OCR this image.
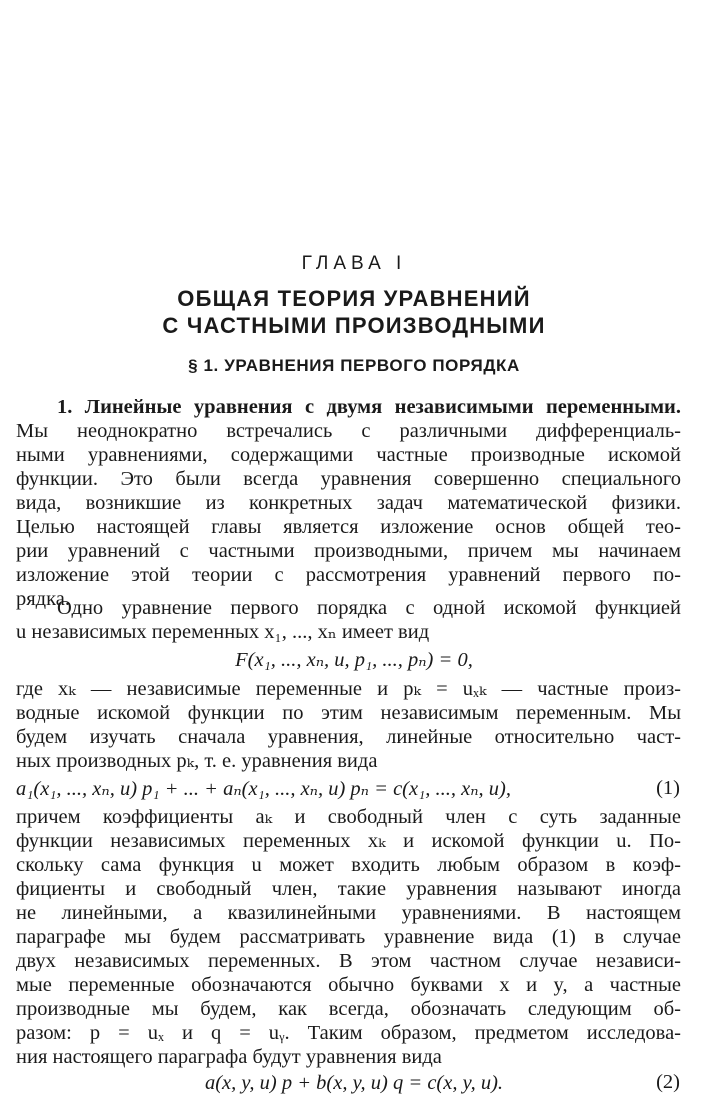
ГЛАВА I
ОБЩАЯ ТЕОРИЯ УРАВНЕНИЙ
С ЧАСТНЫМИ ПРОИЗВОДНЫМИ
§ 1. УРАВНЕНИЯ ПЕРВОГО ПОРЯДКА
1. Линейные уравнения с двумя независимыми переменными.
Мы неоднократно встречались с различными дифференциаль-
ными уравнениями, содержащими частные производные искомой
функции. Это были всегда уравнения совершенно специального
вида, возникшие из конкретных задач математической физики.
Целью настоящей главы является изложение основ общей тео-
рии уравнений с частными производными, причем мы начинаем
изложение этой теории с рассмотрения уравнений первого по-
рядка.
Одно уравнение первого порядка с одной искомой функцией
u независимых переменных x₁, ..., xₙ имеет вид
F(x₁, ..., xₙ, u, p₁, ..., pₙ) = 0,
где xₖ — независимые переменные и pₖ = uₓₖ — частные произ-
водные искомой функции по этим независимым переменным. Мы
будем изучать сначала уравнения, линейные относительно част-
ных производных pₖ, т. е. уравнения вида
a₁(x₁, ..., xₙ, u) p₁ + ... + aₙ(x₁, ..., xₙ, u) pₙ = c(x₁, ..., xₙ, u),	(1)
причем коэффициенты aₖ и свободный член c суть заданные
функции независимых переменных xₖ и искомой функции u. По-
скольку сама функция u может входить любым образом в коэф-
фициенты и свободный член, такие уравнения называют иногда
не линейными, а квазилинейными уравнениями. В настоящем
параграфе мы будем рассматривать уравнение вида (1) в случае
двух независимых переменных. В этом частном случае независи-
мые переменные обозначаются обычно буквами x и y, а частные
производные мы будем, как всегда, обозначать следующим об-
разом: p = uₓ и q = uᵧ. Таким образом, предметом исследова-
ния настоящего параграфа будут уравнения вида
a(x, y, u) p + b(x, y, u) q = c(x, y, u).	(2)
